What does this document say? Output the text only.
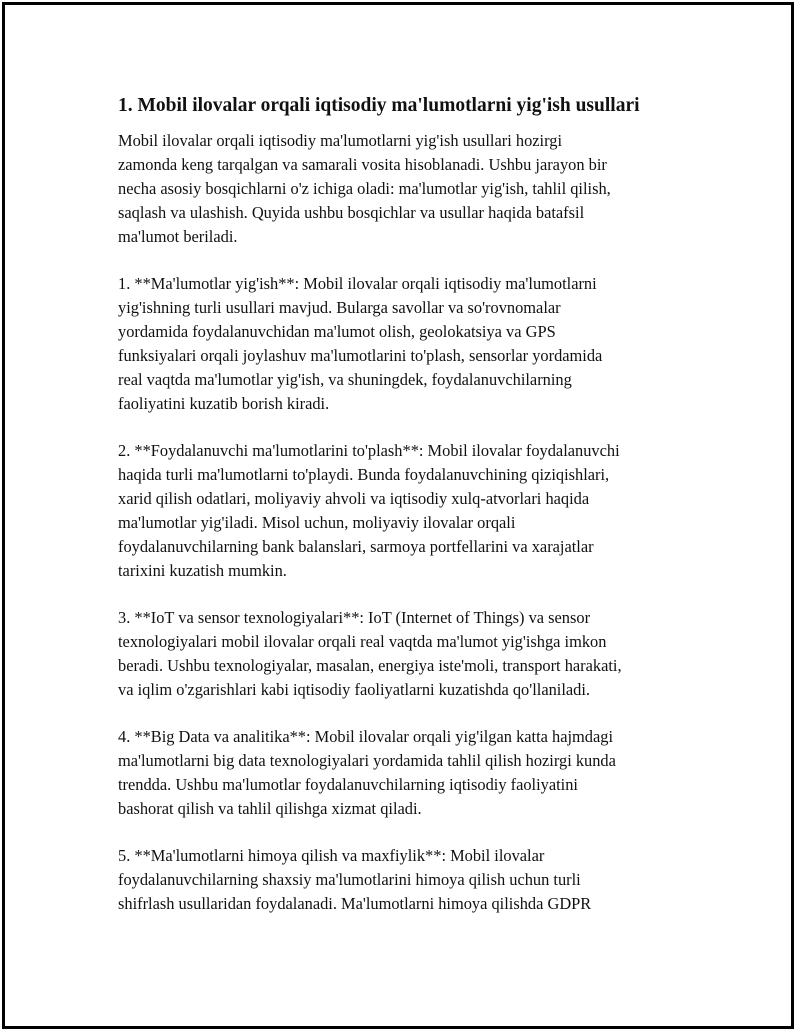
1. Mobil ilovalar orqali iqtisodiy ma'lumotlarni yig'ish usullari

Mobil ilovalar orqali iqtisodiy ma'lumotlarni yig'ish usullari hozirgi
zamonda keng tarqalgan va samarali vosita hisoblanadi. Ushbu jarayon bir
necha asosiy bosqichlarni o'z ichiga oladi: ma'lumotlar yig'ish, tahlil qilish,
saqlash va ulashish. Quyida ushbu bosqichlar va usullar haqida batafsil
ma'lumot beriladi.

1. **Ma'lumotlar yig'ish**: Mobil ilovalar orqali iqtisodiy ma'lumotlarni
yig'ishning turli usullari mavjud. Bularga savollar va so'rovnomalar
yordamida foydalanuvchidan ma'lumot olish, geolokatsiya va GPS
funksiyalari orqali joylashuv ma'lumotlarini to'plash, sensorlar yordamida
real vaqtda ma'lumotlar yig'ish, va shuningdek, foydalanuvchilarning
faoliyatini kuzatib borish kiradi.

2. **Foydalanuvchi ma'lumotlarini to'plash**: Mobil ilovalar foydalanuvchi
haqida turli ma'lumotlarni to'playdi. Bunda foydalanuvchining qiziqishlari,
xarid qilish odatlari, moliyaviy ahvoli va iqtisodiy xulq-atvorlari haqida
ma'lumotlar yig'iladi. Misol uchun, moliyaviy ilovalar orqali
foydalanuvchilarning bank balanslari, sarmoya portfellarini va xarajatlar
tarixini kuzatish mumkin.

3. **IoT va sensor texnologiyalari**: IoT (Internet of Things) va sensor
texnologiyalari mobil ilovalar orqali real vaqtda ma'lumot yig'ishga imkon
beradi. Ushbu texnologiyalar, masalan, energiya iste'moli, transport harakati,
va iqlim o'zgarishlari kabi iqtisodiy faoliyatlarni kuzatishda qo'llaniladi.

4. **Big Data va analitika**: Mobil ilovalar orqali yig'ilgan katta hajmdagi
ma'lumotlarni big data texnologiyalari yordamida tahlil qilish hozirgi kunda
trendda. Ushbu ma'lumotlar foydalanuvchilarning iqtisodiy faoliyatini
bashorat qilish va tahlil qilishga xizmat qiladi.

5. **Ma'lumotlarni himoya qilish va maxfiylik**: Mobil ilovalar
foydalanuvchilarning shaxsiy ma'lumotlarini himoya qilish uchun turli
shifrlash usullaridan foydalanadi. Ma'lumotlarni himoya qilishda GDPR
